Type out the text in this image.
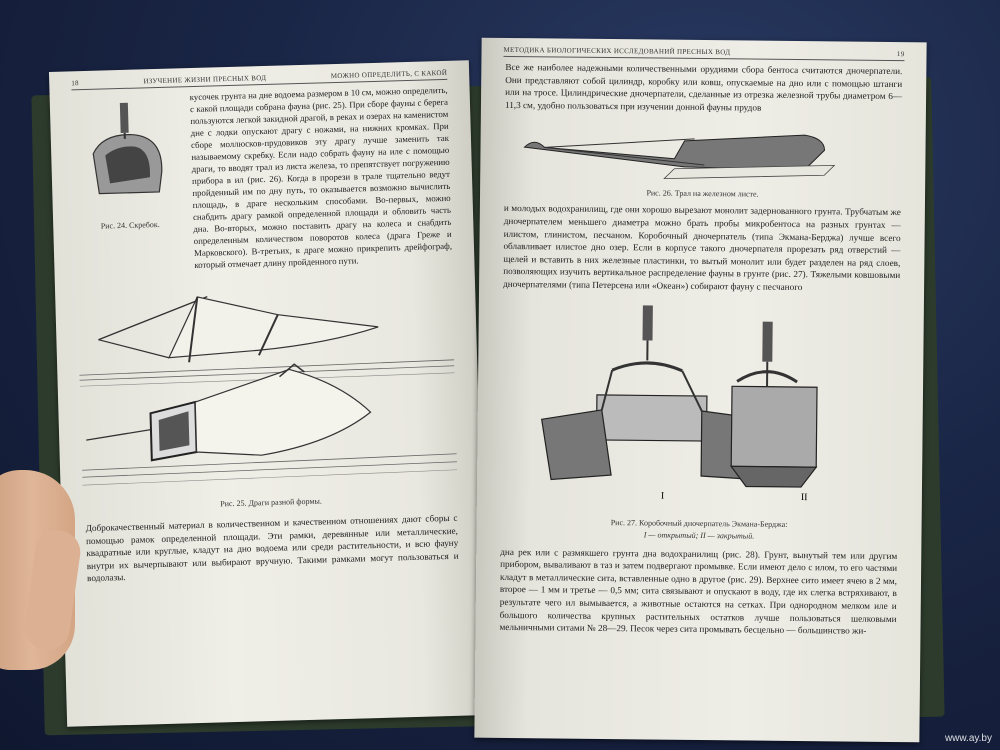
18	ИЗУЧЕНИЕ ЖИЗНИ ПРЕСНЫХ ВОД	МОЖНО ОПРЕДЕЛИТЬ, С КАКОЙ
Рис. 24. Скребок.
кусочек грунта на дне водоема размером в 10 см, можно определить, с какой площади собрана фауна (рис. 25). При сборе фауны с берега пользуются легкой закидной драгой, в реках и озерах на каменистом дне с лодки опускают драгу с ножами, на нижних кромках. При сборе моллюсков-прудовиков эту драгу лучше заменить так называемому скребку. Если надо собрать фауну на иле с помощью драги, то вводят трал из листа железа, то препятствует погружению прибора в ил (рис. 26). Когда в прорези в трале тщательно ведут пройденный им по дну путь, то оказывается возможно вычислить площадь, в драге нескольким способами. Во-первых, можно снабдить драгу рамкой определенной площади и обловить часть дна. Во-вторых, можно поставить драгу на колеса и снабдить определенным количеством поворотов колеса (драга Греже и Марковского). В-третьих, к драге можно прикрепить дрейфограф, который отмечает длину пройденного пути.
Рис. 25. Драги разной формы.
Доброкачественный материал в количественном и качественном отношениях дают сборы с помощью рамок определенной площади. Эти рамки, деревянные или металлические, квадратные или круглые, кладут на дно водоема или среди растительности, и всю фауну внутри их вычерпывают или выбирают вручную. Такими рамками могут пользоваться и водолазы.
МЕТОДИКА БИОЛОГИЧЕСКИХ ИССЛЕДОВАНИЙ ПРЕСНЫХ ВОД	19
Все же наиболее надежными количественными орудиями сбора бентоса считаются дночерпатели. Они представляют собой цилиндр, коробку или ковш, опускаемые на дно или с помощью штанги или на тросе. Цилиндрические дночерпатели, сделанные из отрезка железной трубы диаметром 6—11,3 см, удобно пользоваться при изучении донной фауны прудов
Рис. 26. Трал на железном листе.
и молодых водохранилищ, где они хорошо вырезают монолит задернованного грунта. Трубчатым же дночерпателем меньшего диаметра можно брать пробы микробентоса на разных грунтах — илистом, глинистом, песчаном. Коробочный дночерпатель (типа Экмана-Берджа) лучше всего облавливает илистое дно озер. Если в корпусе такого дночерпателя прорезать ряд отверстий — щелей и вставить в них железные пластинки, то вытый монолит или будет разделен на ряд слоев, позволяющих изучить вертикальное распределение фауны в грунте (рис. 27). Тяжелыми ковшовыми дночерпателями (типа Петерсена или «Океан») собирают фауну с песчаного
I	II
Рис. 27. Коробочный дночерпатель Экмана-Берджа:
I — открытый; II — закрытый.
дна рек или с размякшего грунта дна водохранилищ (рис. 28). Грунт, вынутый тем или другим прибором, вываливают в таз и затем подвергают промывке. Если имеют дело с илом, то его частями кладут в металлические сита, вставленные одно в другое (рис. 29). Верхнее сито имеет ячею в 2 мм, второе — 1 мм и третье — 0,5 мм; сита связывают и опускают в воду, где их слегка встряхивают, в результате чего ил вымывается, а животные остаются на сетках. При однородном мелком иле и большого количества крупных растительных остатков лучше пользоваться шелковыми мельничными ситами № 28—29. Песок через сита промывать бесцельно — большинство жи-
www.ay.by
